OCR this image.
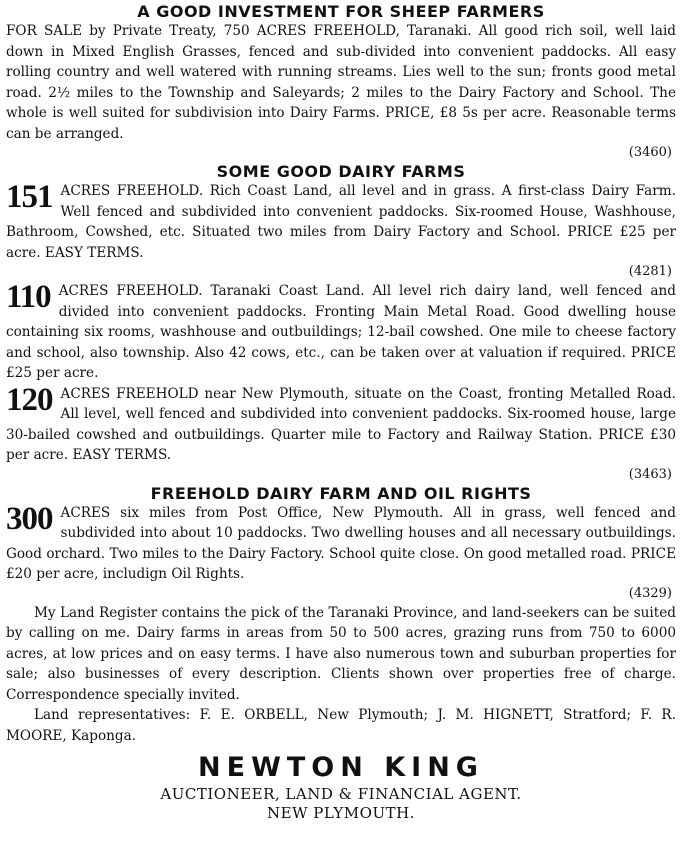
A GOOD INVESTMENT FOR SHEEP FARMERS

FOR SALE by Private Treaty, 750 ACRES FREEHOLD, Taranaki. All good rich soil, well laid down in Mixed English Grasses, fenced and sub-divided into convenient paddocks. All easy rolling country and well watered with running streams. Lies well to the sun; fronts good metal road. 2½ miles to the Township and Saleyards; 2 miles to the Dairy Factory and School. The whole is well suited for subdivision into Dairy Farms. PRICE, £8 5s per acre. Reasonable terms can be arranged.

(3460)

SOME GOOD DAIRY FARMS
151 ACRES FREEHOLD. Rich Coast Land, all level and in grass. A first-class Dairy Farm. Well fenced and subdivided into convenient paddocks. Six-roomed House, Washhouse, Bathroom, Cowshed, etc. Situated two miles from Dairy Factory and School. PRICE £25 per acre. EASY TERMS.

(4281)

110 ACRES FREEHOLD. Taranaki Coast Land. All level rich dairy land, well fenced and divided into convenient paddocks. Fronting Main Metal Road. Good dwelling house containing six rooms, washhouse and outbuildings; 12-bail cowshed. One mile to cheese factory and school, also township. Also 42 cows, etc., can be taken over at valuation if required. PRICE £25 per acre.

120 ACRES FREEHOLD near New Plymouth, situate on the Coast, fronting Metalled Road. All level, well fenced and subdivided into convenient paddocks. Six-roomed house, large 30-bailed cowshed and outbuildings. Quarter mile to Factory and Railway Station. PRICE £30 per acre. EASY TERMS.

(3463)

FREEHOLD DAIRY FARM AND OIL RIGHTS
300 ACRES six miles from Post Office, New Plymouth. All in grass, well fenced and subdivided into about 10 paddocks. Two dwelling houses and all necessary outbuildings. Good orchard. Two miles to the Dairy Factory. School quite close. On good metalled road. PRICE £20 per acre, includign Oil Rights.

(4329)

My Land Register contains the pick of the Taranaki Province, and land-seekers can be suited by calling on me. Dairy farms in areas from 50 to 500 acres, grazing runs from 750 to 6000 acres, at low prices and on easy terms. I have also numerous town and suburban properties for sale; also businesses of every description. Clients shown over properties free of charge. Correspondence specially invited.

Land representatives: F. E. ORBELL, New Plymouth; J. M. HIGNETT, Stratford; F. R. MOORE, Kaponga.

NEWTON KING

AUCTIONEER, LAND & FINANCIAL AGENT.

NEW PLYMOUTH.
